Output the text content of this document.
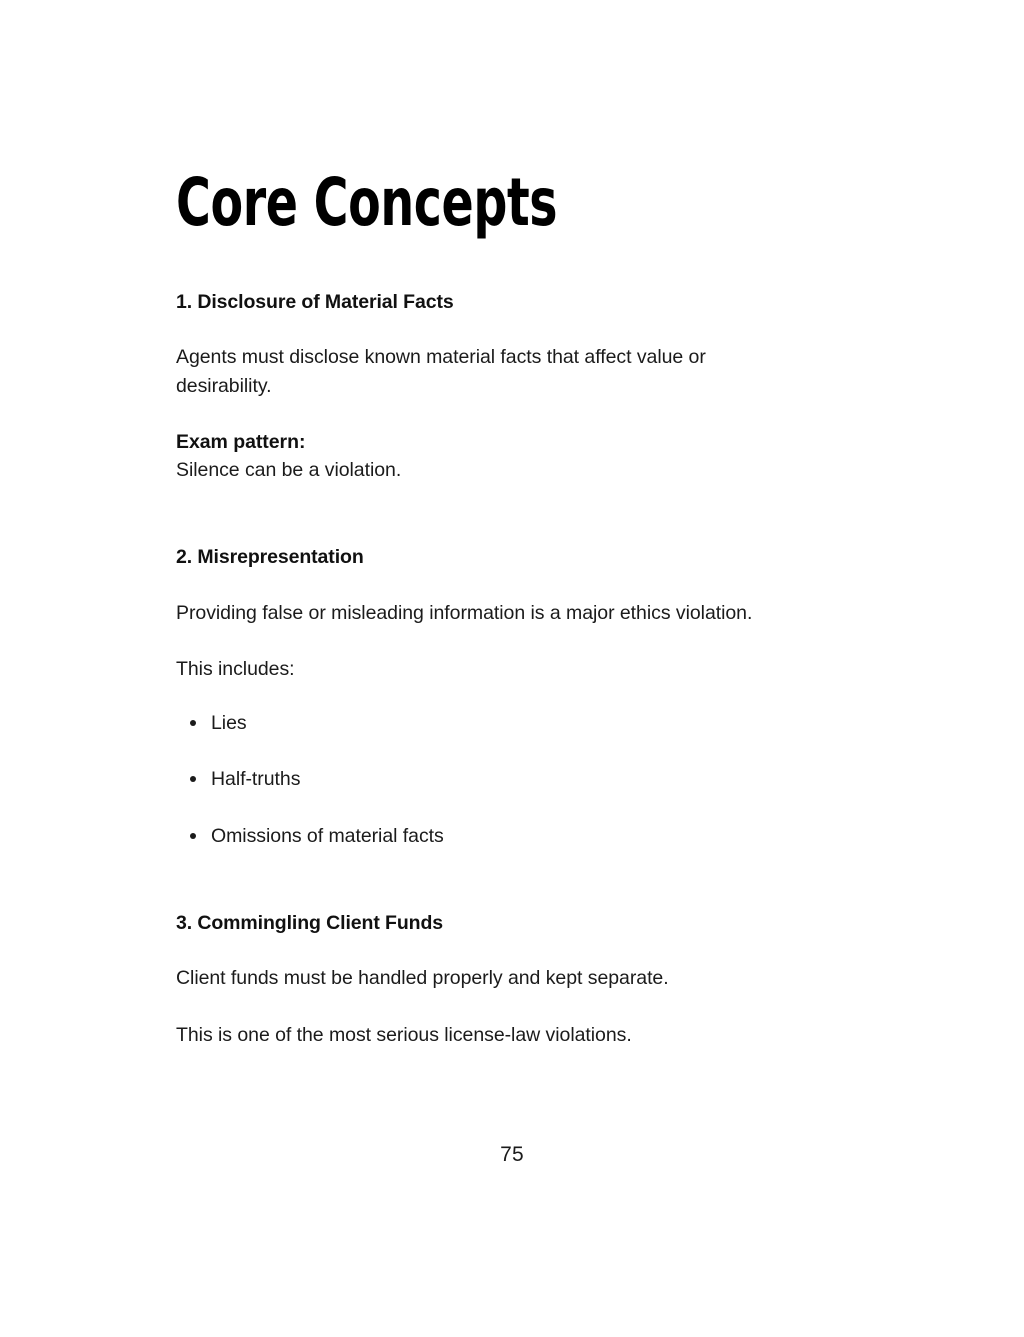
Core Concepts
1. Disclosure of Material Facts

Agents must disclose known material facts that affect value or desirability.

Exam pattern:
Silence can be a violation.

2. Misrepresentation

Providing false or misleading information is a major ethics violation.

This includes:

Lies
Half-truths
Omissions of material facts
3. Commingling Client Funds

Client funds must be handled properly and kept separate.

This is one of the most serious license-law violations.

75
